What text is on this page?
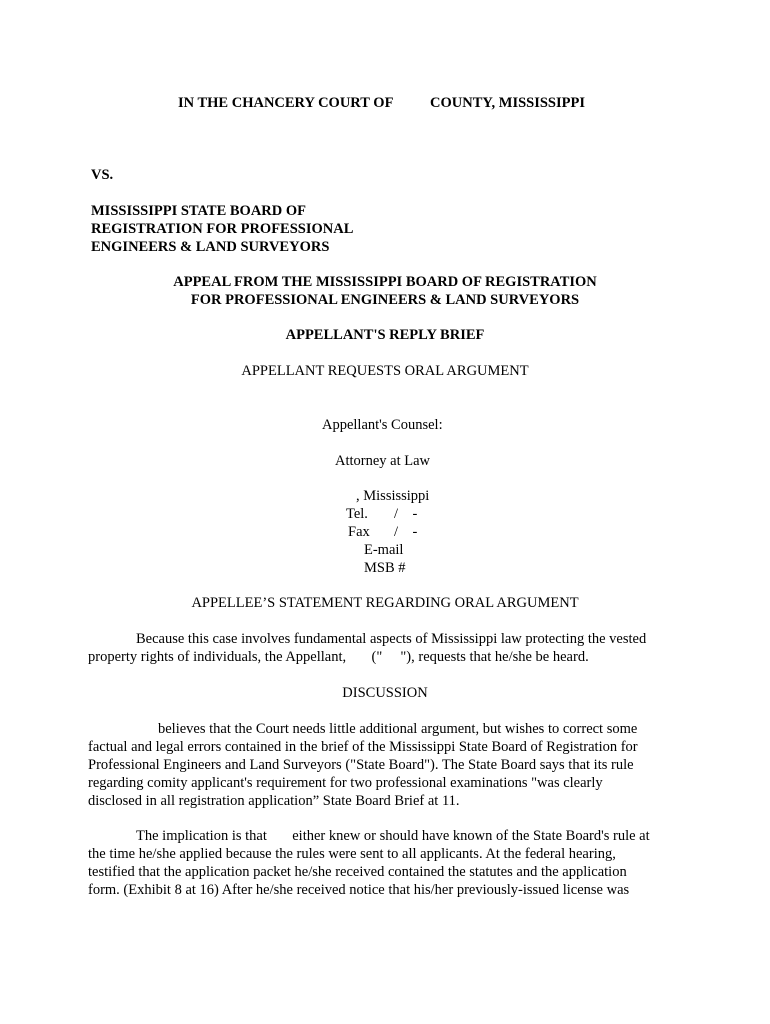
IN THE CHANCERY COURT OF	COUNTY, MISSISSIPPI
VS.
MISSISSIPPI STATE BOARD OF
REGISTRATION FOR PROFESSIONAL
ENGINEERS & LAND SURVEYORS
APPEAL FROM THE MISSISSIPPI BOARD OF REGISTRATION
FOR PROFESSIONAL ENGINEERS & LAND SURVEYORS
APPELLANT'S REPLY BRIEF
APPELLANT REQUESTS ORAL ARGUMENT
Appellant's Counsel:
Attorney at Law
, Mississippi
Tel. /    -
Fax /    -
E-mail
MSB #
APPELLEE’S STATEMENT REGARDING ORAL ARGUMENT
Because this case involves fundamental aspects of Mississippi law protecting the vested
property rights of individuals, the Appellant,       ("     "), requests that he/she be heard.
DISCUSSION
believes that the Court needs little additional argument, but wishes to correct some
factual and legal errors contained in the brief of the Mississippi State Board of Registration for
Professional Engineers and Land Surveyors ("State Board"). The State Board says that its rule
regarding comity applicant's requirement for two professional examinations "was clearly
disclosed in all registration application” State Board Brief at 11.
The implication is that       either knew or should have known of the State Board's rule at
the time he/she applied because the rules were sent to all applicants. At the federal hearing,
testified that the application packet he/she received contained the statutes and the application
form. (Exhibit 8 at 16) After he/she received notice that his/her previously-issued license was
